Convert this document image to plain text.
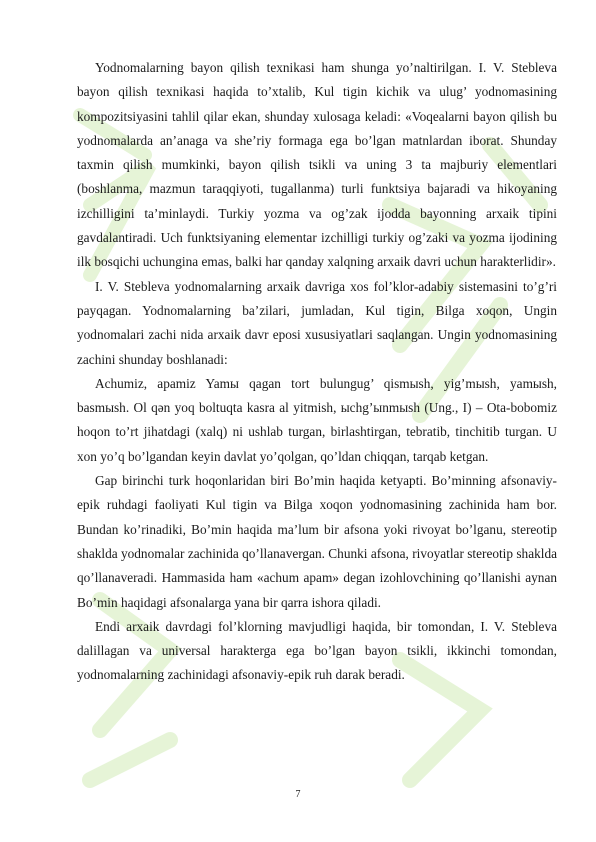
Yodnomalarning bayon qilish texnikasi ham shunga yo’naltirilgan. I. V. Stebleva bayon qilish texnikasi haqida to’xtalib, Kul tigin kichik va ulug’ yodnomasining kompozitsiyasini tahlil qilar ekan, shunday xulosaga keladi: «Voqealarni bayon qilish bu yodnomalarda an’anaga va she’riy formaga ega bo’lgan matnlardan iborat. Shunday taxmin qilish mumkinki, bayon qilish tsikli va uning 3 ta majburiy elementlari (boshlanma, mazmun taraqqiyoti, tugallanma) turli funktsiya bajaradi va hikoyaning izchilligini ta’minlaydi. Turkiy yozma va og’zak ijodda bayonning arxaik tipini gavdalantiradi. Uch funktsiyaning elementar izchilligi turkiy og’zaki va yozma ijodining ilk bosqichi uchungina emas, balki har qanday xalqning arxaik davri uchun harakterlidir».

I. V. Stebleva yodnomalarning arxaik davriga xos fol’klor-adabiy sistemasini to’g’ri payqagan. Yodnomalarning ba’zilari, jumladan, Kul tigin, Bilga xoqon, Ungin yodnomalari zachi nida arxaik davr eposi xususiyatlari saqlangan. Ungin yodnomasining zachini shunday boshlanadi:

Achumiz, apamiz Yamы qagan tort bulungug’ qismыsh, yig’mыsh, yamыsh, basmыsh. Ol qәn yoq boltuqta kasra al yitmish, ыchg’ыnmыsh (Ung., I) – Ota-bobomiz hoqon to’rt jihatdagi (xalq) ni ushlab turgan, birlashtirgan, tebratib, tinchitib turgan. U xon yo’q bo’lgandan keyin davlat yo’qolgan, qo’ldan chiqqan, tarqab ketgan.

Gap birinchi turk hoqonlaridan biri Bo’min haqida ketyapti. Bo’minning afsonaviy-epik ruhdagi faoliyati Kul tigin va Bilga xoqon yodnomasining zachinida ham bor. Bundan ko’rinadiki, Bo’min haqida ma’lum bir afsona yoki rivoyat bo’lganu, stereotip shaklda yodnomalar zachinida qo’llanavergan. Chunki afsona, rivoyatlar stereotip shaklda qo’llanaveradi. Hammasida ham «achum apam» degan izohlovchining qo’llanishi aynan Bo’min haqidagi afsonalarga yana bir qarra ishora qiladi.

Endi arxaik davrdagi fol’klorning mavjudligi haqida, bir tomondan, I. V. Stebleva dalillagan va universal harakterga ega bo’lgan bayon tsikli, ikkinchi tomondan, yodnomalarning zachinidagi afsonaviy-epik ruh darak beradi.

7
